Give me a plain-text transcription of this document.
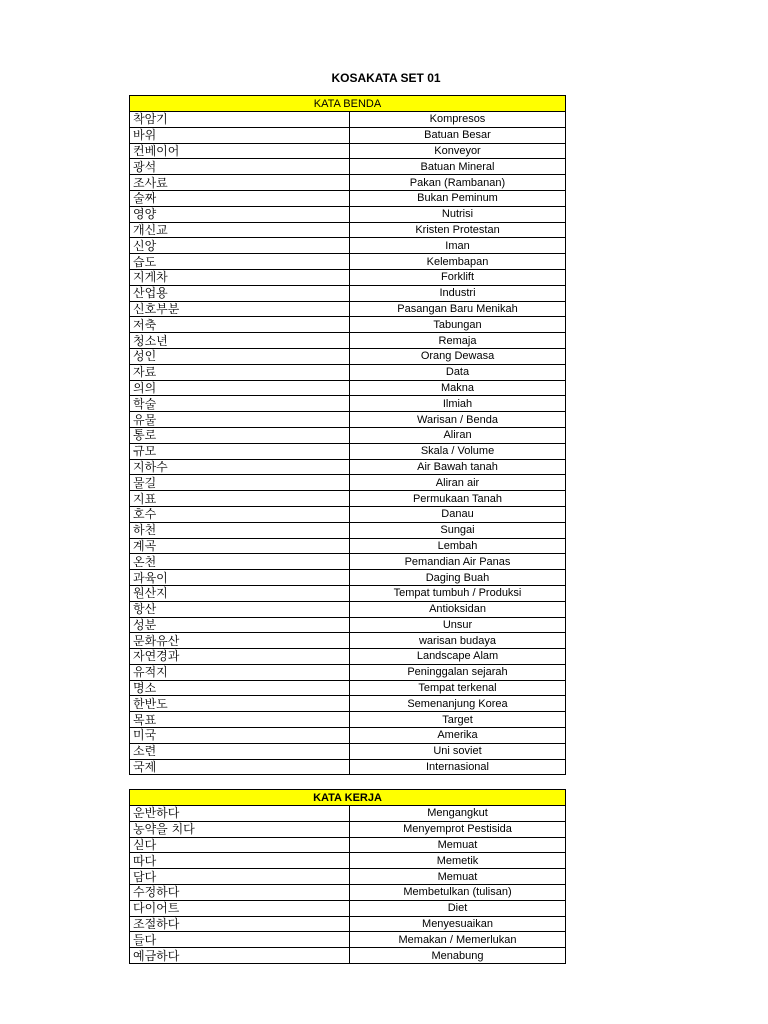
KOSAKATA SET 01
KATA BENDA	
착암기	Kompresos
바위	Batuan Besar
컨베이어	Konveyor
광석	Batuan Mineral
조사료	Pakan (Rambanan)
술짜	Bukan Peminum
영양	Nutrisi
개신교	Kristen Protestan
신앙	Iman
습도	Kelembapan
지게차	Forklift
산업용	Industri
신호부분	Pasangan Baru Menikah
저축	Tabungan
청소년	Remaja
성인	Orang Dewasa
자료	Data
의의	Makna
학술	Ilmiah
유물	Warisan / Benda
통로	Aliran
규모	Skala / Volume
지하수	Air Bawah tanah
물길	Aliran air
지표	Permukaan Tanah
호수	Danau
하천	Sungai
계곡	Lembah
온천	Pemandian Air Panas
과육이	Daging Buah
원산지	Tempat tumbuh / Produksi
항산	Antioksidan
성분	Unsur
문화유산	warisan budaya
자연경과	Landscape Alam
유적지	Peninggalan sejarah
명소	Tempat terkenal
한반도	Semenanjung Korea
목표	Target
미국	Amerika
소련	Uni soviet
국제	Internasional
KATA KERJA	
운반하다	Mengangkut
농약을 치다	Menyemprot Pestisida
싣다	Memuat
따다	Memetik
담다	Memuat
수정하다	Membetulkan (tulisan)
다이어트	Diet
조절하다	Menyesuaikan
들다	Memakan / Memerlukan
예금하다	Menabung
